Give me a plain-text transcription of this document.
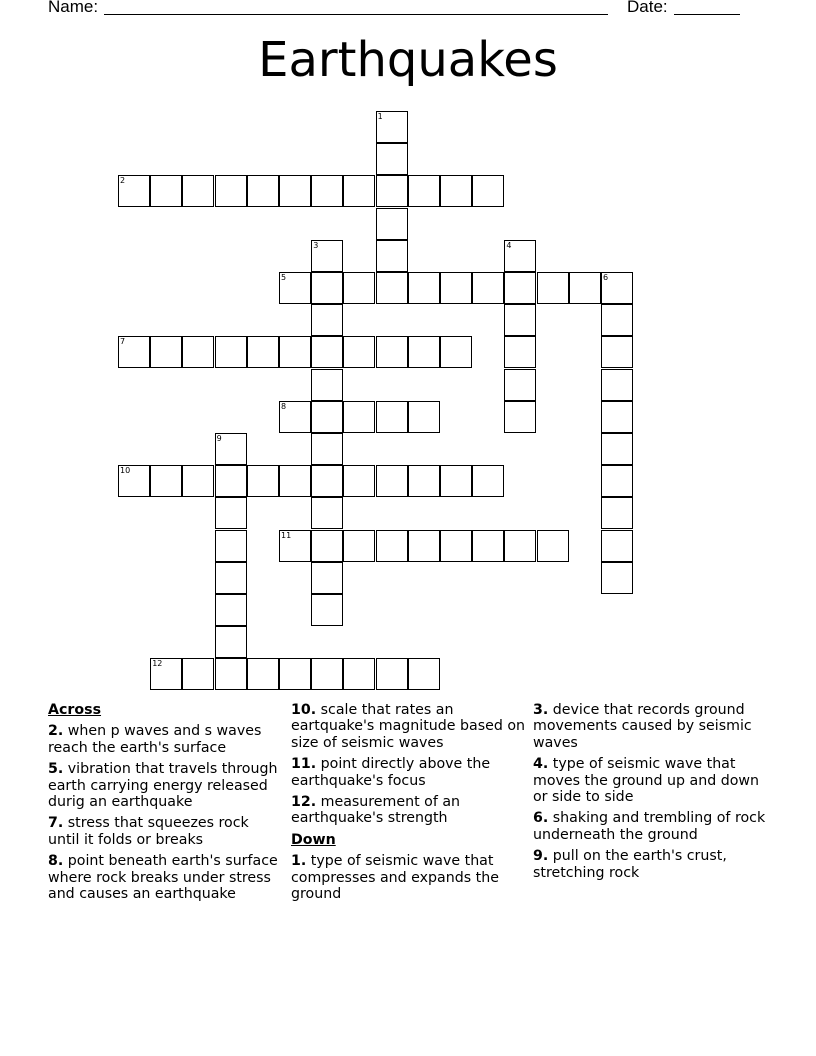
Name:	Date:
Earthquakes
1
2
3	4
5	6
7
8
9
10
11
12
Across
2. when p waves and s waves reach the earth's surface
5. vibration that travels through earth carrying energy released durig an earthquake
7. stress that squeezes rock until it folds or breaks
8. point beneath earth's surface where rock breaks under stress and causes an earthquake
10. scale that rates an eartquake's magnitude based on size of seismic waves
11. point directly above the earthquake's focus
12. measurement of an earthquake's strength
Down
1. type of seismic wave that compresses and expands the ground
3. device that records ground movements caused by seismic waves
4. type of seismic wave that moves the ground up and down or side to side
6. shaking and trembling of rock underneath the ground
9. pull on the earth's crust, stretching rock
